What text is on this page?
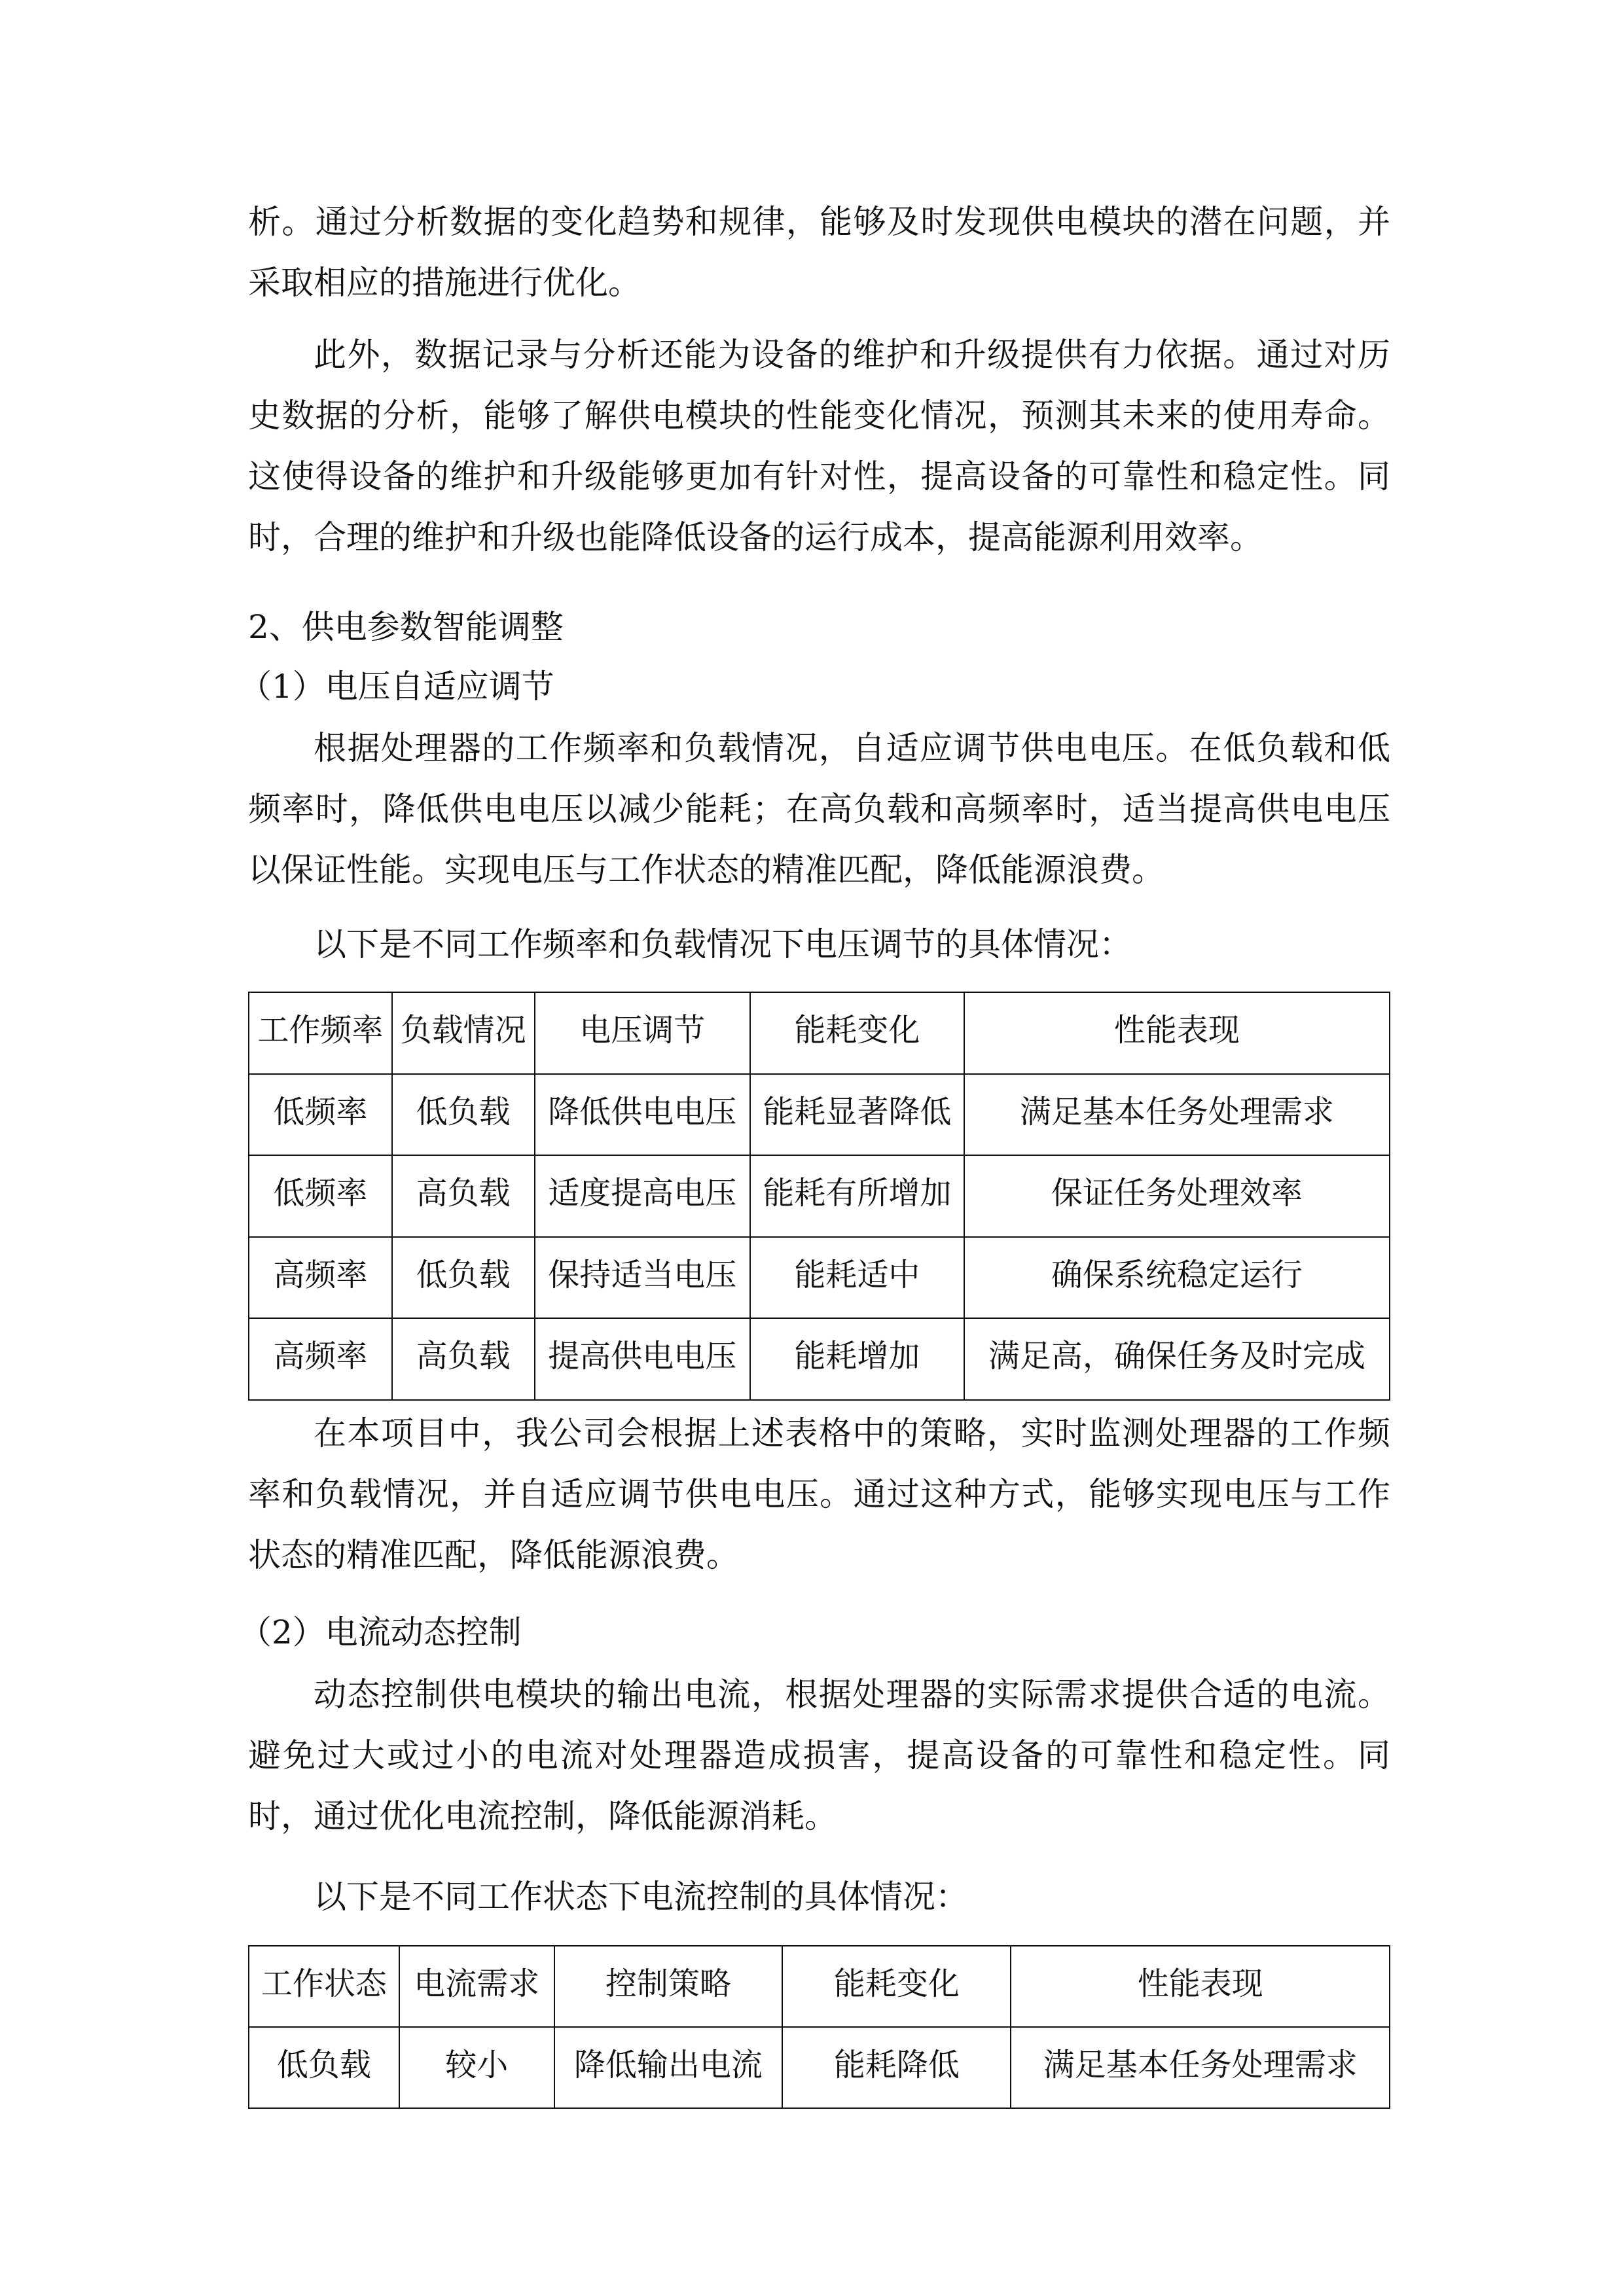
析。通过分析数据的变化趋势和规律，能够及时发现供电模块的潜在问题，并
采取相应的措施进行优化。
此外，数据记录与分析还能为设备的维护和升级提供有力依据。通过对历
史数据的分析，能够了解供电模块的性能变化情况，预测其未来的使用寿命。
这使得设备的维护和升级能够更加有针对性，提高设备的可靠性和稳定性。同
时，合理的维护和升级也能降低设备的运行成本，提高能源利用效率。
2、供电参数智能调整
（1）电压自适应调节
根据处理器的工作频率和负载情况，自适应调节供电电压。在低负载和低
频率时，降低供电电压以减少能耗；在高负载和高频率时，适当提高供电电压
以保证性能。实现电压与工作状态的精准匹配，降低能源浪费。
以下是不同工作频率和负载情况下电压调节的具体情况：
工作频率	负载情况	电压调节	能耗变化	性能表现
低频率	低负载	降低供电电压	能耗显著降低	满足基本任务处理需求
低频率	高负载	适度提高电压	能耗有所增加	保证任务处理效率
高频率	低负载	保持适当电压	能耗适中	确保系统稳定运行
高频率	高负载	提高供电电压	能耗增加	满足高，确保任务及时完成
在本项目中，我公司会根据上述表格中的策略，实时监测处理器的工作频
率和负载情况，并自适应调节供电电压。通过这种方式，能够实现电压与工作
状态的精准匹配，降低能源浪费。
（2）电流动态控制
动态控制供电模块的输出电流，根据处理器的实际需求提供合适的电流。
避免过大或过小的电流对处理器造成损害，提高设备的可靠性和稳定性。同
时，通过优化电流控制，降低能源消耗。
以下是不同工作状态下电流控制的具体情况：
工作状态	电流需求	控制策略	能耗变化	性能表现
低负载	较小	降低输出电流	能耗降低	满足基本任务处理需求
